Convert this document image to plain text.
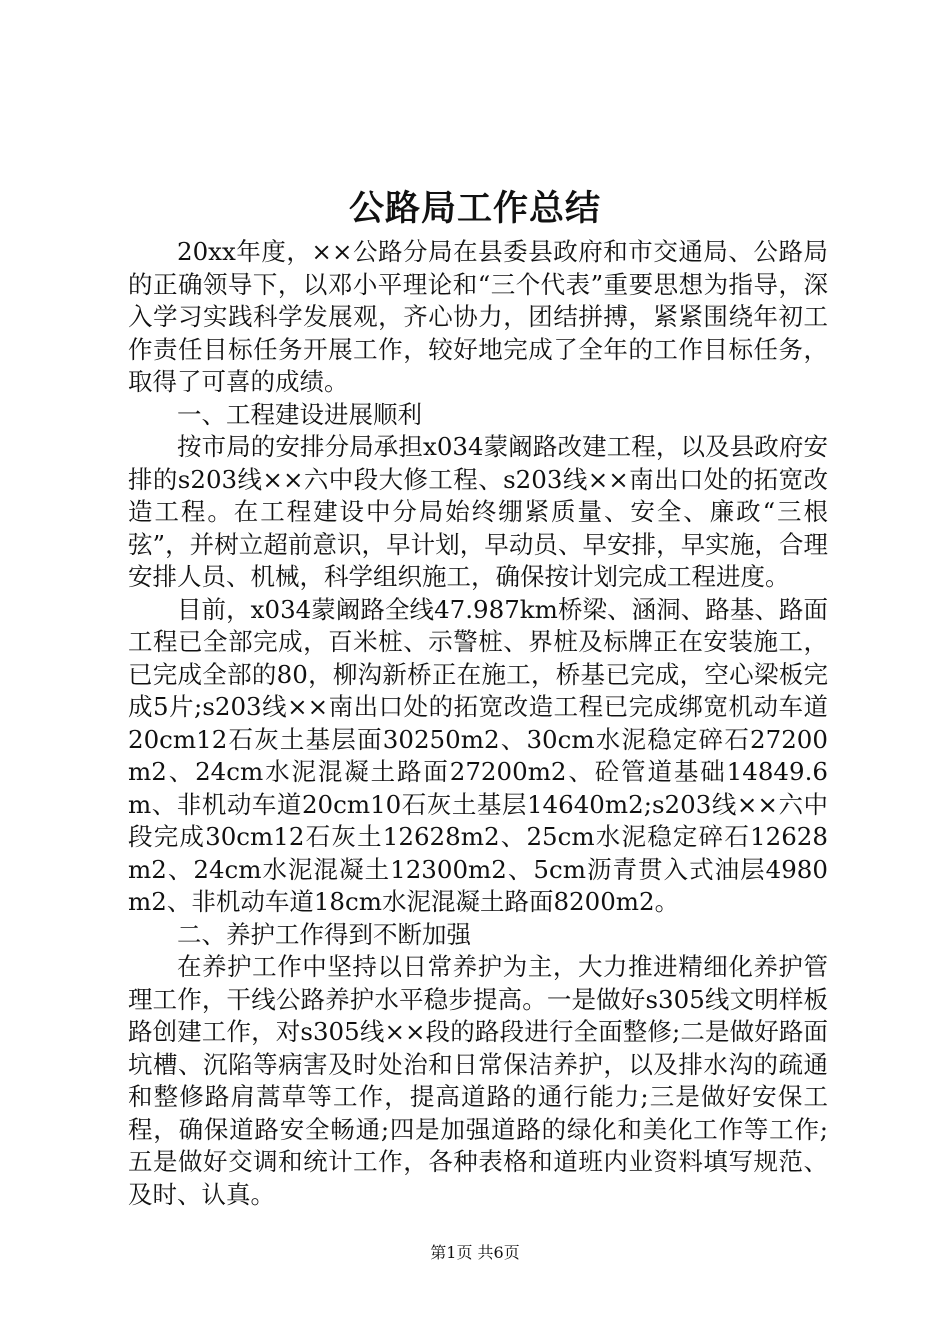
公路局工作总结

20xx年度，××公路分局在县委县政府和市交通局、公路局的正确领导下，以邓小平理论和“三个代表”重要思想为指导，深入学习实践科学发展观，齐心协力，团结拼搏，紧紧围绕年初工作责任目标任务开展工作，较好地完成了全年的工作目标任务，取得了可喜的成绩。

一、工程建设进展顺利

按市局的安排分局承担x034蒙阚路改建工程，以及县政府安排的s203线××六中段大修工程、s203线××南出口处的拓宽改造工程。在工程建设中分局始终绷紧质量、安全、廉政“三根弦”，并树立超前意识，早计划，早动员、早安排，早实施，合理安排人员、机械，科学组织施工，确保按计划完成工程进度。

目前，x034蒙阚路全线47.987km桥梁、涵洞、路基、路面工程已全部完成，百米桩、示警桩、界桩及标牌正在安装施工，已完成全部的80，柳沟新桥正在施工，桥基已完成，空心梁板完成5片;s203线××南出口处的拓宽改造工程已完成绑宽机动车道20cm12石灰土基层面30250m2、30cm水泥稳定碎石27200m2、24cm水泥混凝土路面27200m2、砼管道基础14849.6m、非机动车道20cm10石灰土基层14640m2;s203线××六中段完成30cm12石灰土12628m2、25cm水泥稳定碎石12628m2、24cm水泥混凝土12300m2、5cm沥青贯入式油层4980m2、非机动车道18cm水泥混凝土路面8200m2。

二、养护工作得到不断加强

在养护工作中坚持以日常养护为主，大力推进精细化养护管理工作，干线公路养护水平稳步提高。一是做好s305线文明样板路创建工作，对s305线××段的路段进行全面整修;二是做好路面坑槽、沉陷等病害及时处治和日常保洁养护，以及排水沟的疏通和整修路肩蒿草等工作，提高道路的通行能力;三是做好安保工程，确保道路安全畅通;四是加强道路的绿化和美化工作等工作;五是做好交调和统计工作，各种表格和道班内业资料填写规范、及时、认真。

第1页 共6页
